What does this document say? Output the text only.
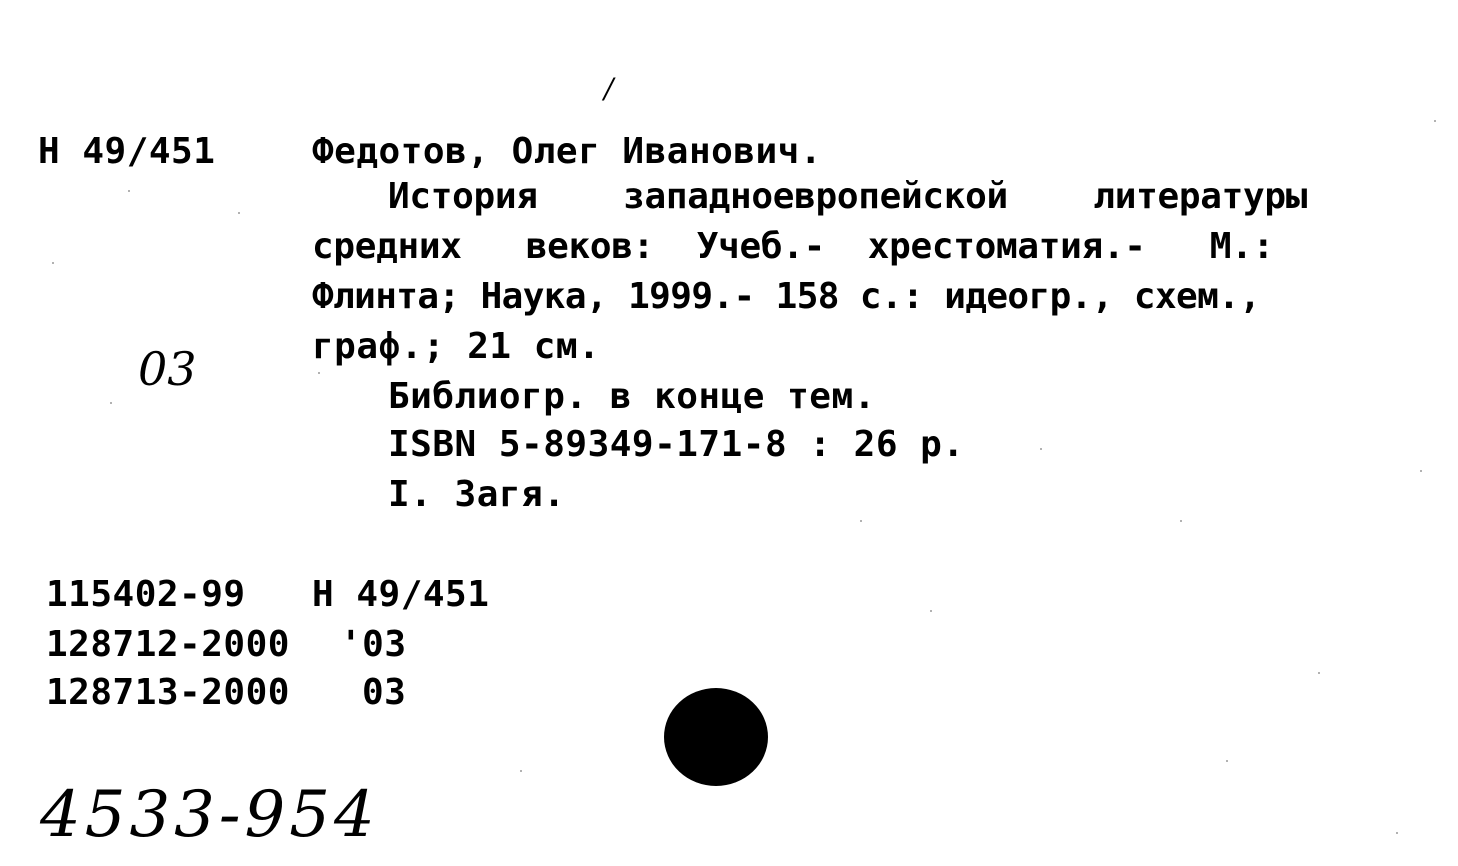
Н 49/451	Федотов, Олег Иванович.
История    западноевропейской    литературы
средних   веков:  Учеб.-  хрестоматия.-   М.:
Флинта; Наука, 1999.- 158 с.: идеогр., схем.,
граф.; 21 см.
03
Библиогр. в конце тем.
ISBN 5-89349-171-8 : 26 р.
I. Загя.
115402-99 Н 49/451
128712-2000 '03
128713-2000 03
4533-954
/
